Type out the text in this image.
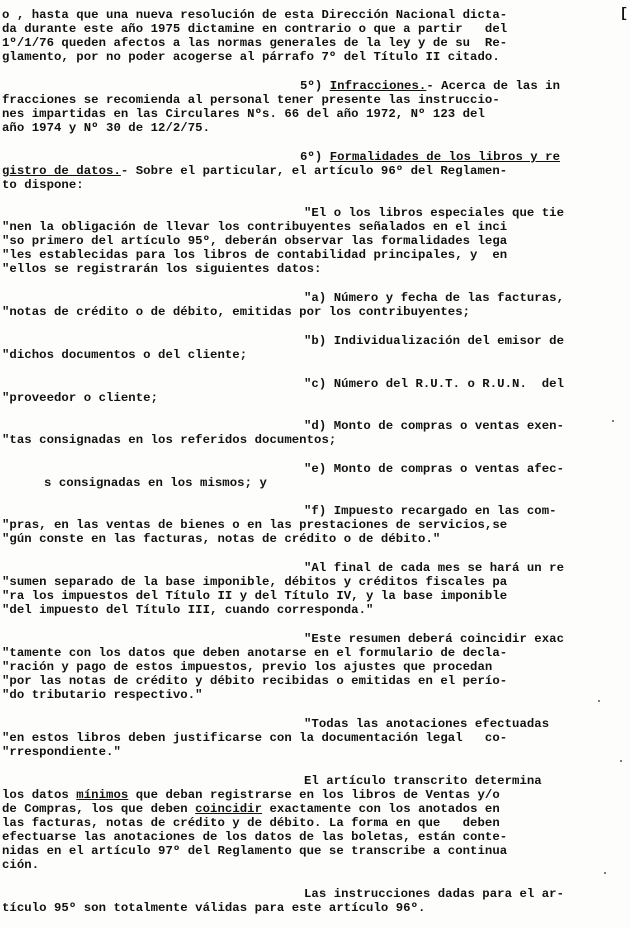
[
o , hasta que una nueva resolución de esta Dirección Nacional dicta-
da durante este año 1975 dictamine en contrario o que a partir   del
1º/1/76 queden afectos a las normas generales de la ley y de su  Re-
glamento, por no poder acogerse al párrafo 7º del Título II citado.
5º) Infracciones.- Acerca de las in
fracciones se recomienda al personal tener presente las instruccio-
nes impartidas en las Circulares Nºs. 66 del año 1972, Nº 123 del
año 1974 y Nº 30 de 12/2/75.
6º) Formalidades de los libros y re
gistro de datos.- Sobre el particular, el artículo 96º del Reglamen-
to dispone:
"El o los libros especiales que tie
"nen la obligación de llevar los contribuyentes señalados en el inci
"so primero del artículo 95º, deberán observar las formalidades lega
"les establecidas para los libros de contabilidad principales, y  en
"ellos se registrarán los siguientes datos:
"a) Número y fecha de las facturas,
"notas de crédito o de débito, emitidas por los contribuyentes;
"b) Individualización del emisor de
"dichos documentos o del cliente;
"c) Número del R.U.T. o R.U.N.  del
"proveedor o cliente;
"d) Monto de compras o ventas exen-
"tas consignadas en los referidos documentos;
"e) Monto de compras o ventas afec-
s consignadas en los mismos; y
"f) Impuesto recargado en las com-
"pras, en las ventas de bienes o en las prestaciones de servicios,se
"gún conste en las facturas, notas de crédito o de débito."
"Al final de cada mes se hará un re
"sumen separado de la base imponible, débitos y créditos fiscales pa
"ra los impuestos del Título II y del Título IV, y la base imponible
"del impuesto del Título III, cuando corresponda."
"Este resumen deberá coincidir exac
"tamente con los datos que deben anotarse en el formulario de decla-
"ración y pago de estos impuestos, previo los ajustes que procedan
"por las notas de crédito y débito recibidas o emitidas en el perío-
"do tributario respectivo."
"Todas las anotaciones efectuadas
"en estos libros deben justificarse con la documentación legal   co-
"rrespondiente."
El artículo transcrito determina
los datos mínimos que deban registrarse en los libros de Ventas y/o
de Compras, los que deben coincidir exactamente con los anotados en
las facturas, notas de crédito y de débito. La forma en que   deben
efectuarse las anotaciones de los datos de las boletas, están conte-
nidas en el artículo 97º del Reglamento que se transcribe a continua
ción.
Las instrucciones dadas para el ar-
tículo 95º son totalmente válidas para este artículo 96º.
